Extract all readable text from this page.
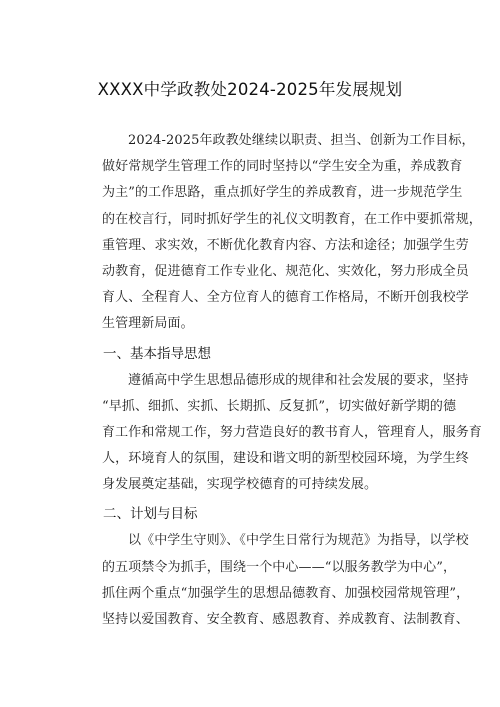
XXXX中学政教处2024-2025年发展规划
2024-2025年政教处继续以职责、担当、创新为工作目标，
做好常规学生管理工作的同时坚持以“学生安全为重，养成教育
为主”的工作思路，重点抓好学生的养成教育，进一步规范学生
的在校言行，同时抓好学生的礼仪文明教育，在工作中要抓常规，
重管理、求实效，不断优化教育内容、方法和途径；加强学生劳
动教育，促进德育工作专业化、规范化、实效化，努力形成全员
育人、全程育人、全方位育人的德育工作格局，不断开创我校学
生管理新局面。
一、基本指导思想
遵循高中学生思想品德形成的规律和社会发展的要求，坚持
“早抓、细抓、实抓、长期抓、反复抓”，切实做好新学期的德
育工作和常规工作，努力营造良好的教书育人，管理育人，服务育
人，环境育人的氛围，建设和谐文明的新型校园环境，为学生终
身发展奠定基础，实现学校德育的可持续发展。
二、计划与目标
以《中学生守则》、《中学生日常行为规范》为指导，以学校
的五项禁令为抓手，围绕一个中心——“以服务教学为中心”，
抓住两个重点“加强学生的思想品德教育、加强校园常规管理”，
坚持以爱国教育、安全教育、感恩教育、养成教育、法制教育、
